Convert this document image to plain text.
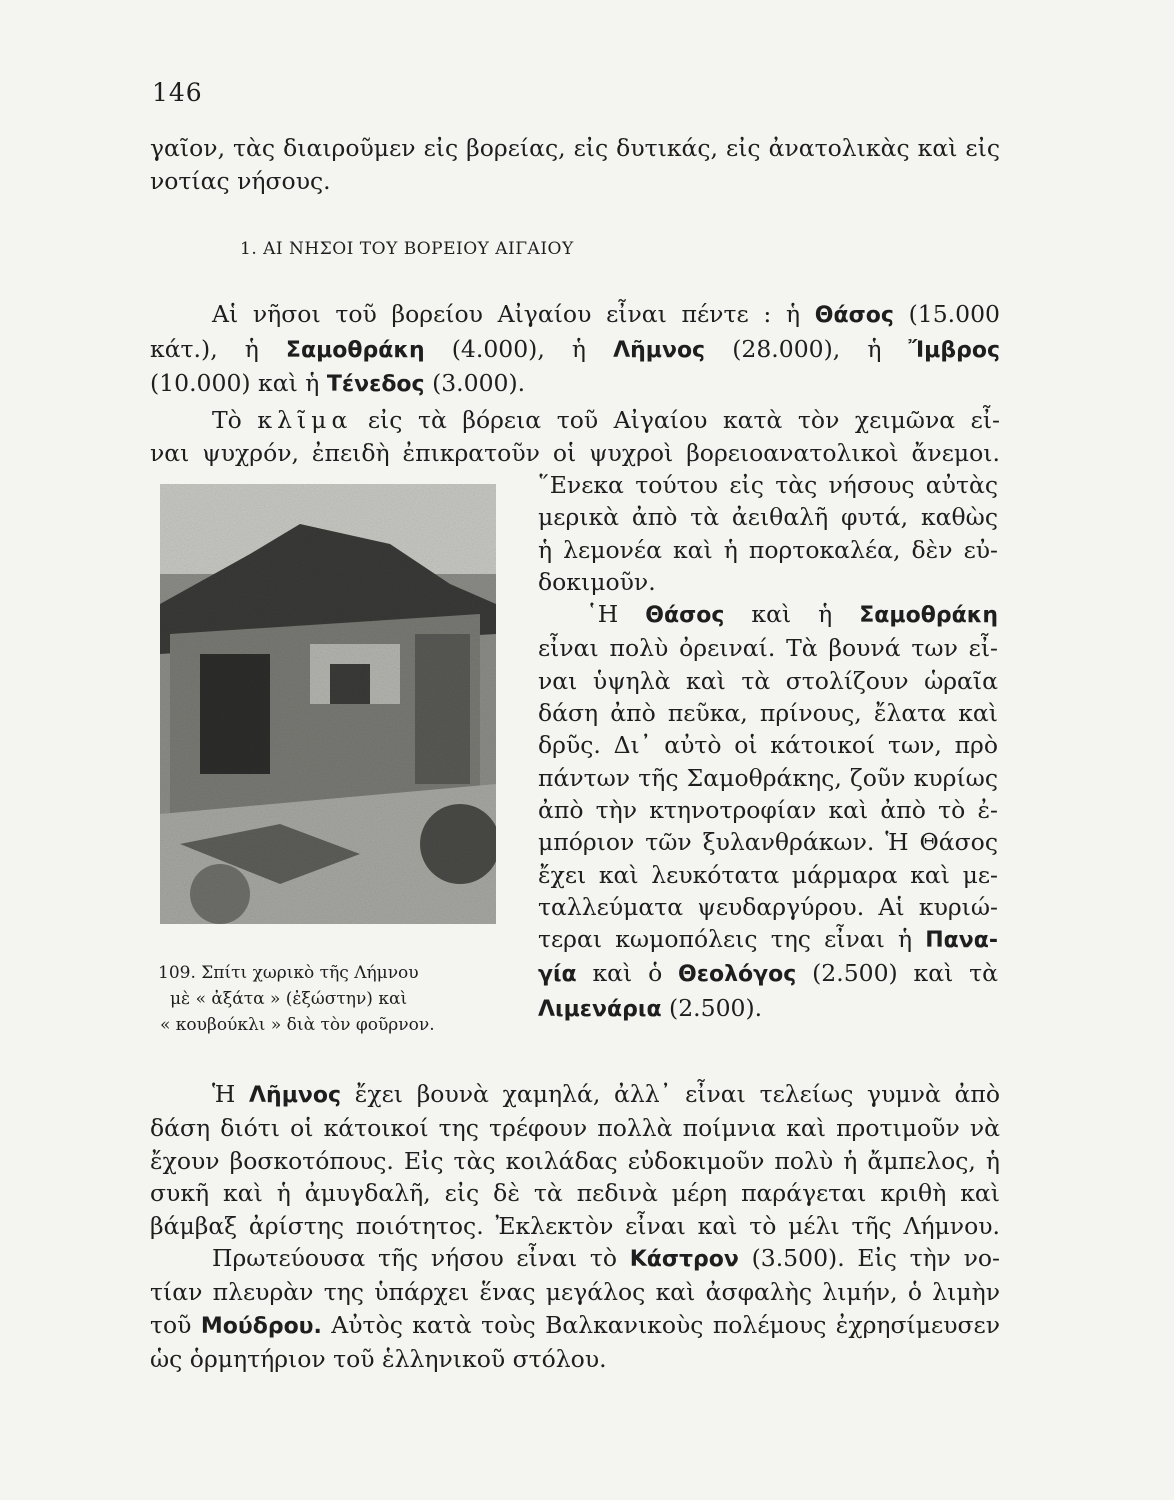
146
γαῖον, τὰς διαιροῦμεν εἰς βορείας, εἰς δυτικάς, εἰς ἀνατολικὰς καὶ εἰς
νοτίας νήσους.
1. ΑΙ ΝΗΣΟΙ ΤΟΥ ΒΟΡΕΙΟΥ ΑΙΓΑΙΟΥ
Αἱ νῆσοι τοῦ βορείου Αἰγαίου εἶναι πέντε : ἡ Θάσος (15.000
κάτ.), ἡ Σαμοθράκη (4.000), ἡ Λῆμνος (28.000), ἡ Ἴμβρος
(10.000) καὶ ἡ Τένεδος (3.000).
Τὸ κλῖμα εἰς τὰ βόρεια τοῦ Αἰγαίου κατὰ τὸν χειμῶνα εἶ-
ναι ψυχρόν, ἐπειδὴ ἐπικρατοῦν οἱ ψυχροὶ βορειοανατολικοὶ ἄνεμοι.
῞Ενεκα τούτου εἰς τὰς νήσους αὐτὰς
μερικὰ ἀπὸ τὰ ἀειθαλῆ φυτά, καθὼς
ἡ λεμονέα καὶ ἡ πορτοκαλέα, δὲν εὐ-
δοκιμοῦν.
῾Η Θάσος καὶ ἡ Σαμοθράκη
εἶναι πολὺ ὀρειναί. Τὰ βουνά των εἶ-
ναι ὑψηλὰ καὶ τὰ στολίζουν ὡραῖα
δάση ἀπὸ πεῦκα, πρίνους, ἔλατα καὶ
δρῦς. Δι᾽ αὐτὸ οἱ κάτοικοί των, πρὸ
πάντων τῆς Σαμοθράκης, ζοῦν κυρίως
ἀπὸ τὴν κτηνοτροφίαν καὶ ἀπὸ τὸ ἐ-
μπόριον τῶν ξυλανθράκων. Ἡ Θάσος
ἔχει καὶ λευκότατα μάρμαρα καὶ με-
ταλλεύματα ψευδαργύρου. Αἱ κυριώ-
τεραι κωμοπόλεις της εἶναι ἡ Πανα-
γία καὶ ὁ Θεολόγος (2.500) καὶ τὰ
Λιμενάρια (2.500).
109. Σπίτι χωρικὸ τῆς Λήμνου
μὲ « ἀξάτα » (ἐξώστην) καὶ
« κουβούκλι » διὰ τὸν φοῦρνον.
Ἡ Λῆμνος ἔχει βουνὰ χαμηλά, ἀλλ᾽ εἶναι τελείως γυμνὰ ἀπὸ
δάση διότι οἱ κάτοικοί της τρέφουν πολλὰ ποίμνια καὶ προτιμοῦν νὰ
ἔχουν βοσκοτόπους. Εἰς τὰς κοιλάδας εὐδοκιμοῦν πολὺ ἡ ἄμπελος, ἡ
συκῆ καὶ ἡ ἀμυγδαλῆ, εἰς δὲ τὰ πεδινὰ μέρη παράγεται κριθὴ καὶ
βάμβαξ ἀρίστης ποιότητος. Ἐκλεκτὸν εἶναι καὶ τὸ μέλι τῆς Λήμνου.
Πρωτεύουσα τῆς νήσου εἶναι τὸ Κάστρον (3.500). Εἰς τὴν νο-
τίαν πλευρὰν της ὑπάρχει ἕνας μεγάλος καὶ ἀσφαλὴς λιμήν, ὁ λιμὴν
τοῦ Μούδρου. Αὐτὸς κατὰ τοὺς Βαλκανικοὺς πολέμους ἐχρησίμευσεν
ὡς ὁρμητήριον τοῦ ἑλληνικοῦ στόλου.
